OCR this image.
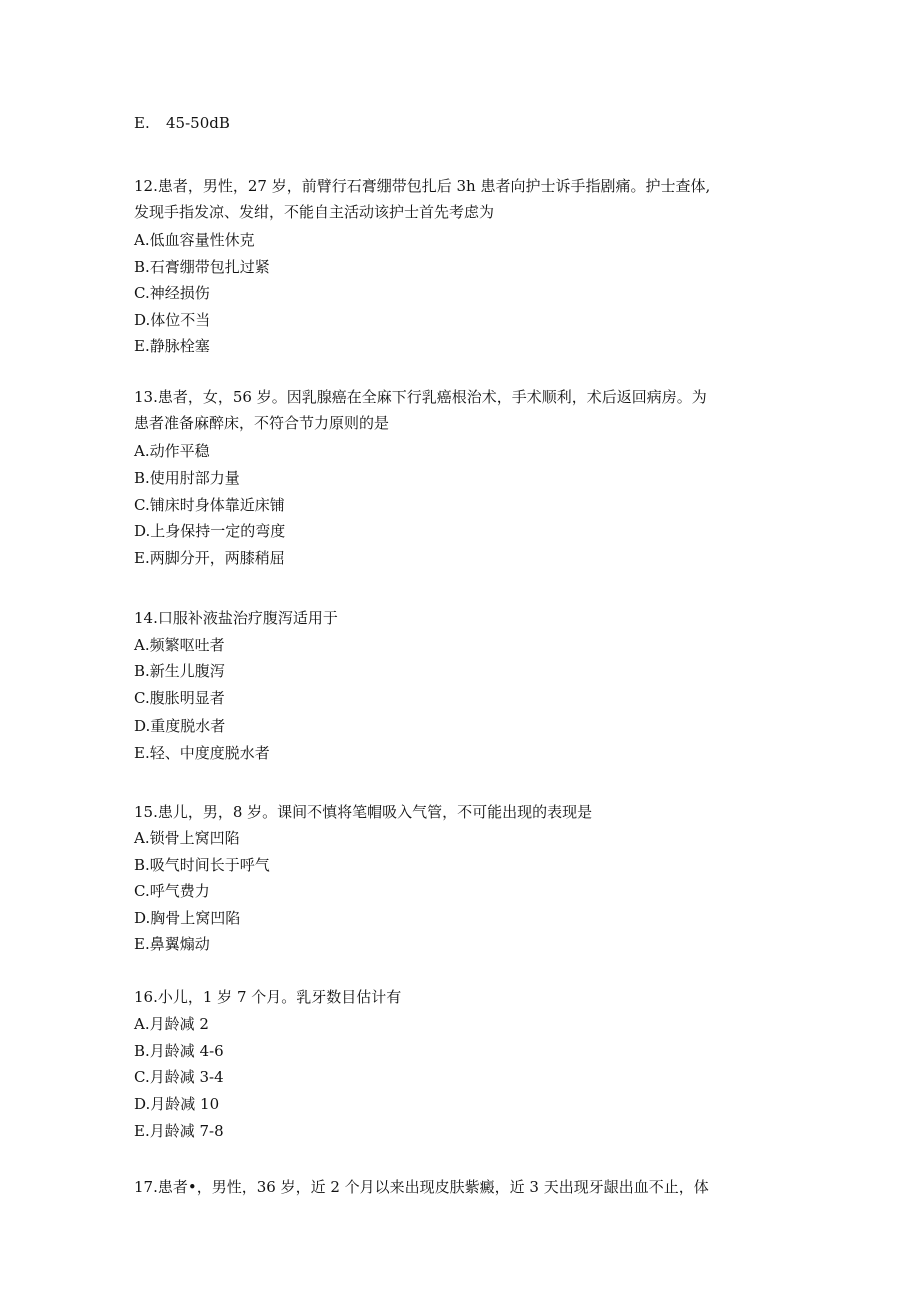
E. 45-50dB
12.患者，男性，27 岁，前臂行石膏绷带包扎后 3h 患者向护士诉手指剧痛。护士查体,
发现手指发凉、发绀，不能自主活动该护士首先考虑为
A.低血容量性休克
B.石膏绷带包扎过紧
C.神经损伤
D.体位不当
E.静脉栓塞
13.患者，女，56 岁。因乳腺癌在全麻下行乳癌根治术，手术顺利，术后返回病房。为
患者准备麻醉床，不符合节力原则的是
A.动作平稳
B.使用肘部力量
C.铺床时身体靠近床铺
D.上身保持一定的弯度
E.两脚分开，两膝稍屈
14.口服补液盐治疗腹泻适用于
A.频繁呕吐者
B.新生儿腹泻
C.腹胀明显者
D.重度脱水者
E.轻、中度度脱水者
15.患儿，男，8 岁。课间不慎将笔帽吸入气管，不可能出现的表现是
A.锁骨上窝凹陷
B.吸气时间长于呼气
C.呼气费力
D.胸骨上窝凹陷
E.鼻翼煽动
16.小儿，1 岁 7 个月。乳牙数目估计有
A.月龄减 2
B.月龄减 4-6
C.月龄减 3-4
D.月龄减 10
E.月龄减 7-8
17.患者•，男性，36 岁，近 2 个月以来出现皮肤紫癜，近 3 天出现牙龈出血不止，体
